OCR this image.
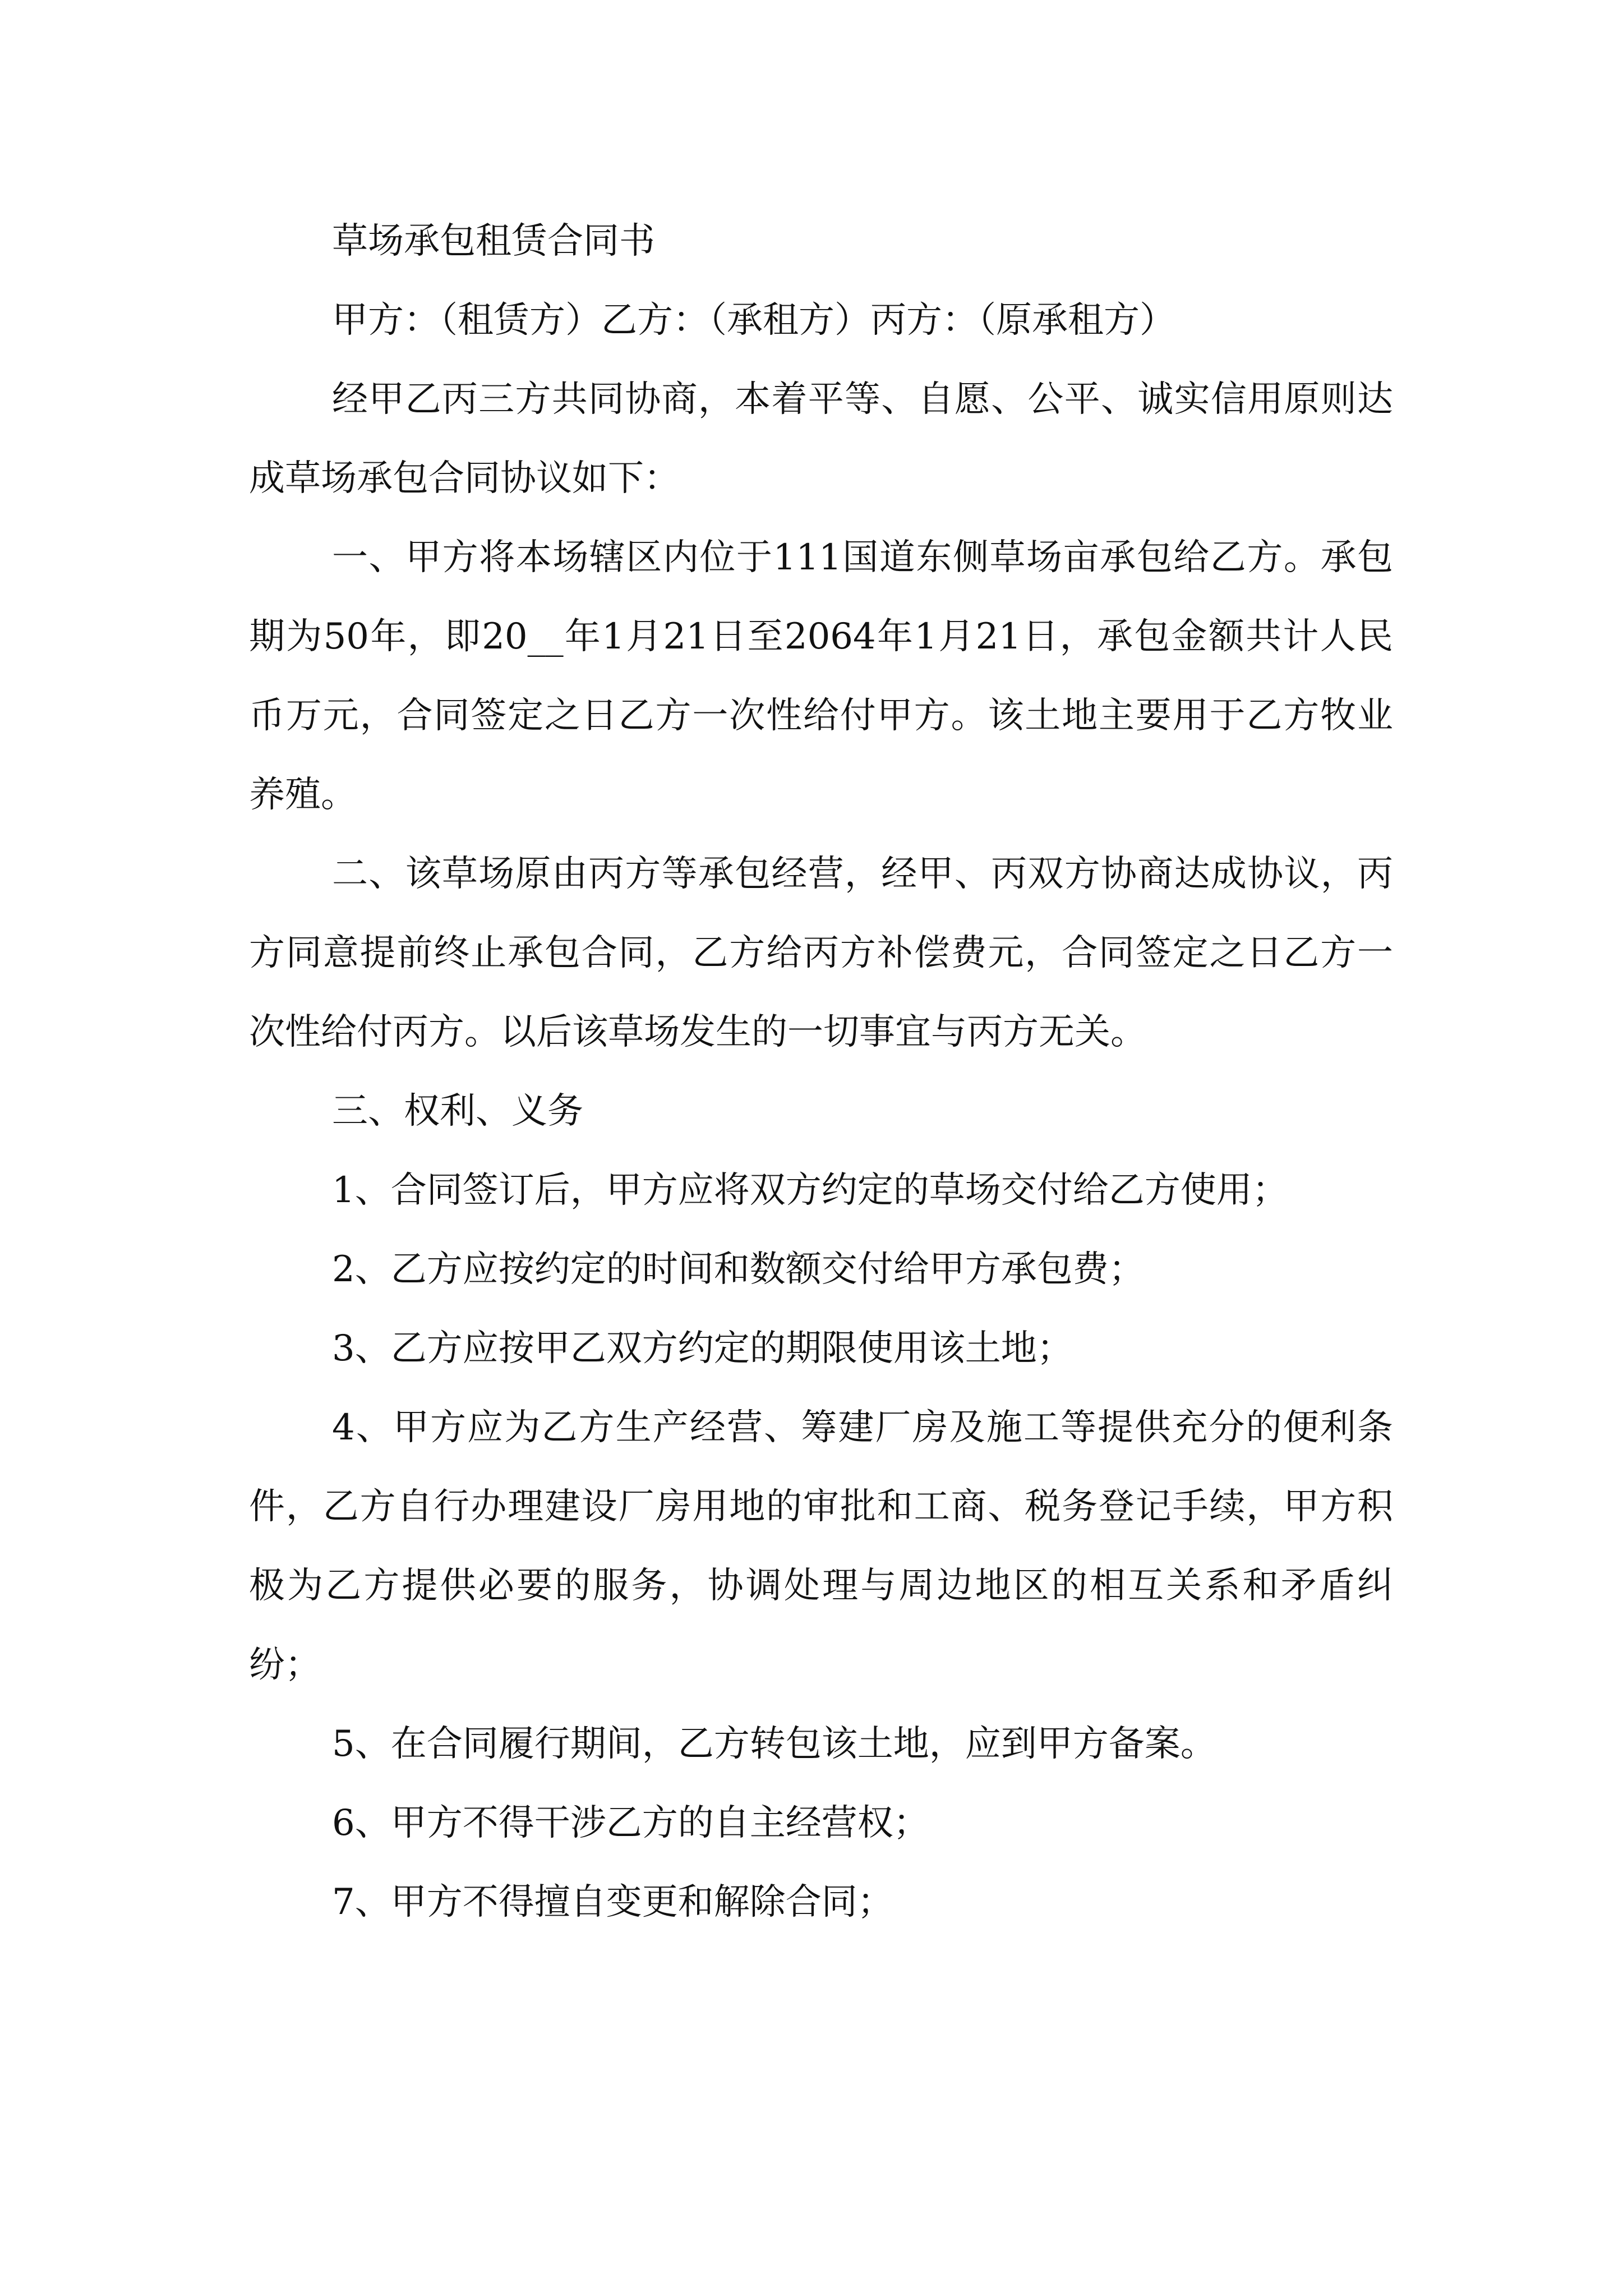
草场承包租赁合同书

甲方：（租赁方）乙方：（承租方）丙方：（原承租方）

经甲乙丙三方共同协商，本着平等、自愿、公平、诚实信用原则达成草场承包合同协议如下：

一、甲方将本场辖区内位于111国道东侧草场亩承包给乙方。承包期为50年，即20__年1月21日至2064年1月21日，承包金额共计人民币万元，合同签定之日乙方一次性给付甲方。该土地主要用于乙方牧业养殖。

二、该草场原由丙方等承包经营，经甲、丙双方协商达成协议，丙方同意提前终止承包合同，乙方给丙方补偿费元，合同签定之日乙方一次性给付丙方。以后该草场发生的一切事宜与丙方无关。

三、权利、义务

1、合同签订后，甲方应将双方约定的草场交付给乙方使用；

2、乙方应按约定的时间和数额交付给甲方承包费；

3、乙方应按甲乙双方约定的期限使用该土地；

4、甲方应为乙方生产经营、筹建厂房及施工等提供充分的便利条件，乙方自行办理建设厂房用地的审批和工商、税务登记手续，甲方积极为乙方提供必要的服务，协调处理与周边地区的相互关系和矛盾纠纷；

5、在合同履行期间，乙方转包该土地，应到甲方备案。

6、甲方不得干涉乙方的自主经营权；

7、甲方不得擅自变更和解除合同；
